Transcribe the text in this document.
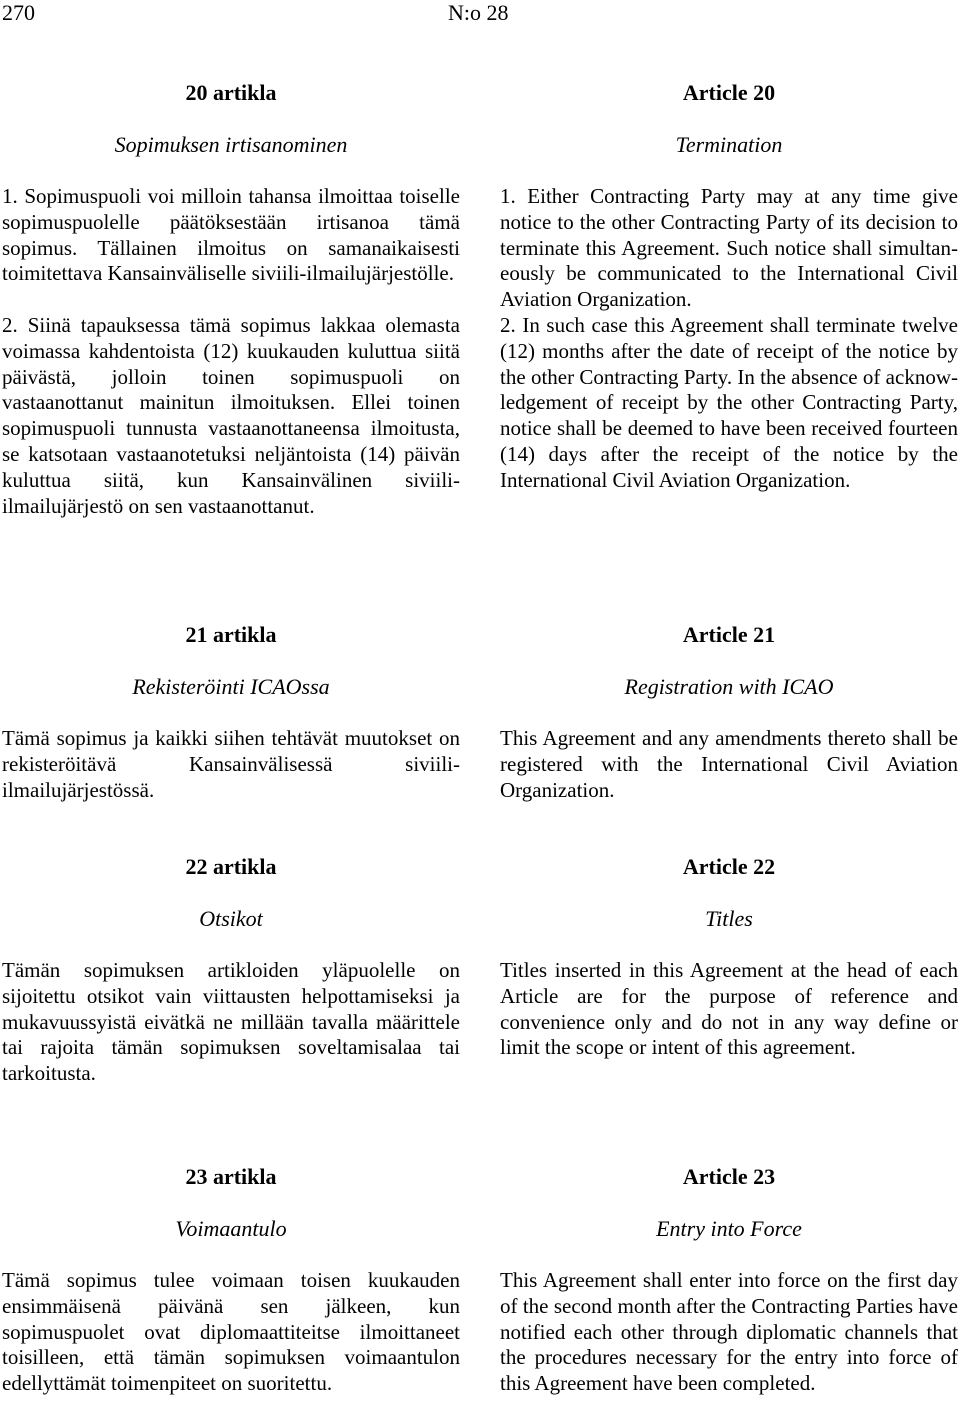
270	N:o 28
20 artikla
Sopimuksen irtisanominen

1. Sopimuspuoli voi milloin tahansa ilmoittaa toiselle sopimuspuolelle päätöksestään irtisanoa tämä sopimus. Tällainen ilmoitus on samanaikaisesti toimitettava Kansainväliselle siviili-ilmailujärjestölle.

2. Siinä tapauksessa tämä sopimus lakkaa olemasta voimassa kahdentoista (12) kuukauden kuluttua siitä päivästä, jolloin toinen sopimuspuoli on vastaanottanut mainitun ilmoituksen. Ellei toinen sopimuspuoli tunnusta vastaanottaneensa ilmoitusta, se katsotaan vastaanotetuksi neljäntoista (14) päivän kuluttua siitä, kun Kansainvälinen siviili-ilmailujärjestö on sen vastaanottanut.

Article 20
Termination

1. Either Contracting Party may at any time give notice to the other Contracting Party of its decision to terminate this Agreement. Such notice shall simultaneously be communicated to the International Civil Aviation Organization.

2. In such case this Agreement shall terminate twelve (12) months after the date of receipt of the notice by the other Contracting Party. In the absence of acknowledgement of receipt by the other Contracting Party, notice shall be deemed to have been received fourteen (14) days after the receipt of the notice by the International Civil Aviation Organization.

21 artikla
Rekisteröinti ICAOssa

Tämä sopimus ja kaikki siihen tehtävät muutokset on rekisteröitävä Kansainvälisessä siviili-ilmailujärjestössä.

Article 21
Registration with ICAO

This Agreement and any amendments thereto shall be registered with the International Civil Aviation Organization.

22 artikla
Otsikot

Tämän sopimuksen artikloiden yläpuolelle on sijoitettu otsikot vain viittausten helpottamiseksi ja mukavuussyistä eivätkä ne millään tavalla määrittele tai rajoita tämän sopimuksen soveltamisalaa tai tarkoitusta.

Article 22
Titles

Titles inserted in this Agreement at the head of each Article are for the purpose of reference and convenience only and do not in any way define or limit the scope or intent of this agreement.

23 artikla
Voimaantulo

Tämä sopimus tulee voimaan toisen kuukauden ensimmäisenä päivänä sen jälkeen, kun sopimuspuolet ovat diplomaattiteitse ilmoittaneet toisilleen, että tämän sopimuksen voimaantulon edellyttämät toimenpiteet on suoritettu.

Article 23
Entry into Force

This Agreement shall enter into force on the first day of the second month after the Contracting Parties have notified each other through diplomatic channels that the procedures necessary for the entry into force of this Agreement have been completed.
